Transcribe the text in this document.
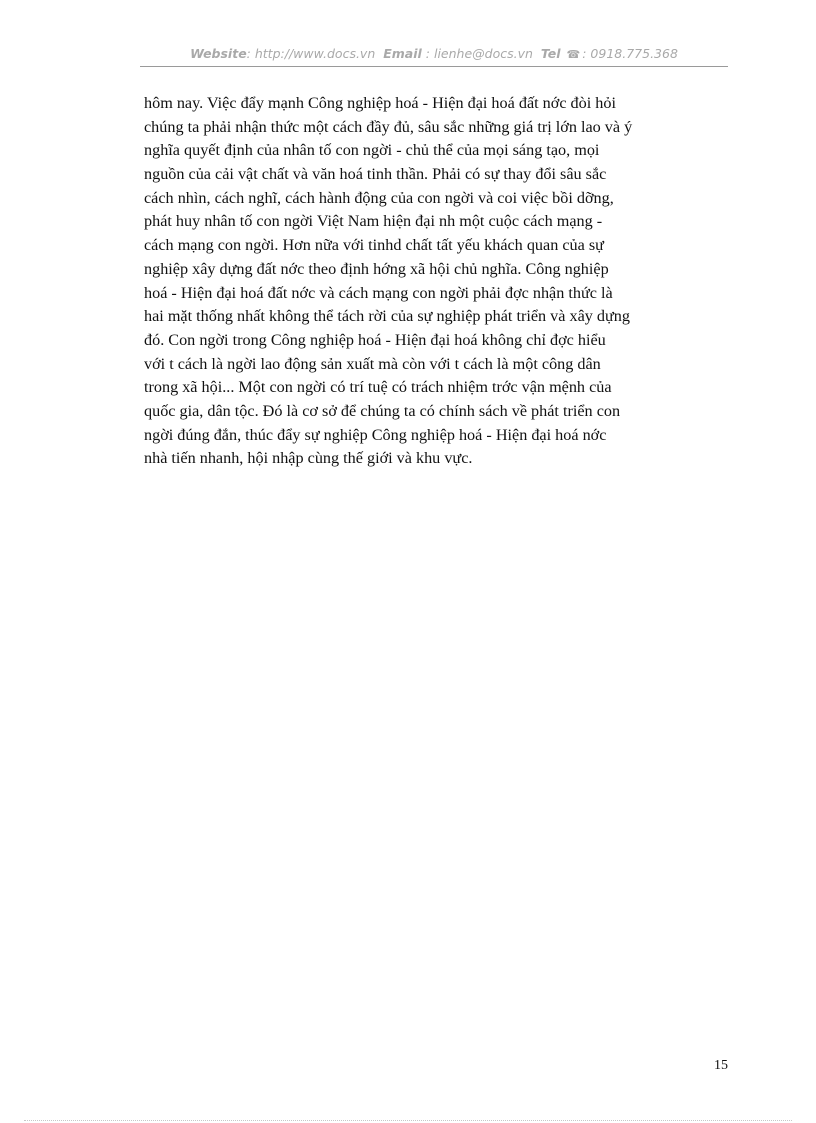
Website: http://www.docs.vn Email : lienhe@docs.vn Tel ☎ : 0918.775.368
hôm nay. Việc đẩy mạnh Công nghiệp hoá - Hiện đại hoá đất nớc đòi hỏi
chúng ta phải nhận thức một cách đầy đủ, sâu sắc những giá trị lớn lao và ý
nghĩa quyết định của nhân tố con ngời - chủ thể của mọi sáng tạo, mọi
nguồn của cải vật chất và văn hoá tinh thần. Phải có sự thay đổi sâu sắc
cách nhìn, cách nghĩ, cách hành động của con ngời và coi việc bồi dỡng,
phát huy nhân tố con ngời Việt Nam hiện đại nh một cuộc cách mạng -
cách mạng con ngời. Hơn nữa với tinhd chất tất yếu khách quan của sự
nghiệp xây dựng đất nớc theo định hớng xã hội chủ nghĩa. Công nghiệp
hoá - Hiện đại hoá đất nớc và cách mạng con ngời phải đợc nhận thức là
hai mặt thống nhất không thể tách rời của sự nghiệp phát triển và xây dựng
đó. Con ngời trong Công nghiệp hoá - Hiện đại hoá không chỉ đợc hiểu
với t cách là ngời lao động sản xuất mà còn với t cách là một công dân
trong xã hội... Một con ngời có trí tuệ có trách nhiệm trớc vận mệnh của
quốc gia, dân tộc. Đó là cơ sở để chúng ta có chính sách về phát triển con
ngời đúng đắn, thúc đẩy sự nghiệp Công nghiệp hoá - Hiện đại hoá nớc
nhà tiến nhanh, hội nhập cùng thế giới và khu vực.
15
